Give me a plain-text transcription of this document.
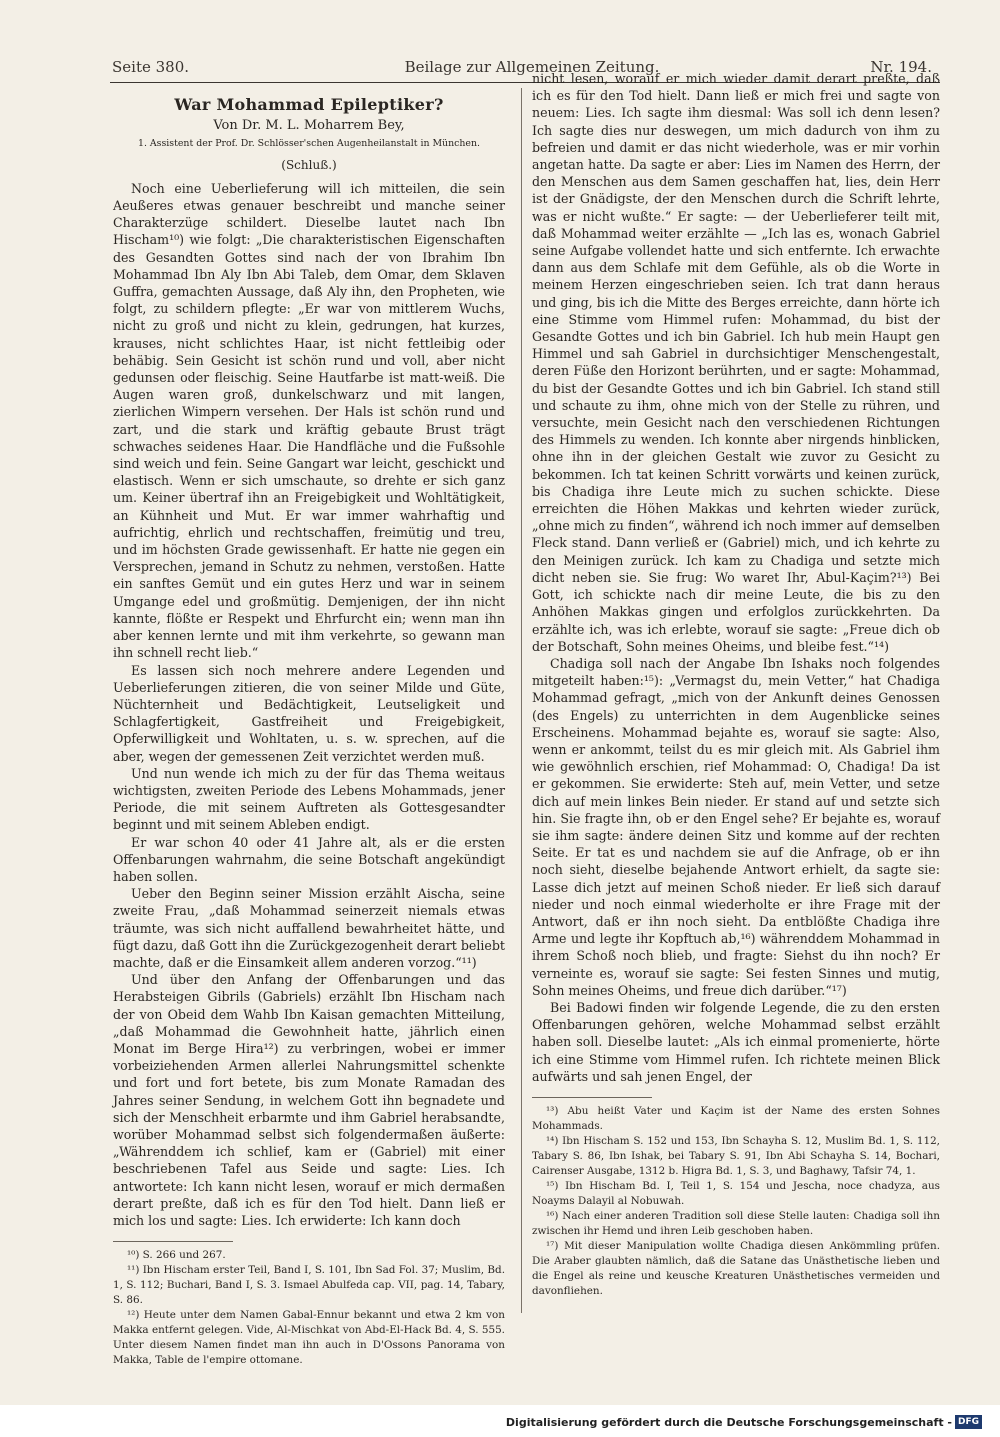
Seite 380.	Beilage zur Allgemeinen Zeitung.	Nr. 194.

War Mohammad Epileptiker?

Von Dr. M. L. Moharrem Bey,

1. Assistent der Prof. Dr. Schlösser'schen Augenheilanstalt in München.

(Schluß.)

Noch eine Ueberlieferung will ich mitteilen, die sein Aeußeres etwas genauer beschreibt und manche seiner Charakterzüge schildert. Dieselbe lautet nach Ibn Hischam¹⁰) wie folgt: „Die charakteristischen Eigenschaften des Gesandten Gottes sind nach der von Ibrahim Ibn Mohammad Ibn Aly Ibn Abi Taleb, dem Omar, dem Sklaven Guffra, gemachten Aussage, daß Aly ihn, den Propheten, wie folgt, zu schildern pflegte: „Er war von mittlerem Wuchs, nicht zu groß und nicht zu klein, gedrungen, hat kurzes, krauses, nicht schlichtes Haar, ist nicht fettleibig oder behäbig. Sein Gesicht ist schön rund und voll, aber nicht gedunsen oder fleischig. Seine Hautfarbe ist matt-weiß. Die Augen waren groß, dunkelschwarz und mit langen, zierlichen Wimpern versehen. Der Hals ist schön rund und zart, und die stark und kräftig gebaute Brust trägt schwaches seidenes Haar. Die Handfläche und die Fußsohle sind weich und fein. Seine Gangart war leicht, geschickt und elastisch. Wenn er sich umschaute, so drehte er sich ganz um. Keiner übertraf ihn an Freigebigkeit und Wohltätigkeit, an Kühnheit und Mut. Er war immer wahrhaftig und aufrichtig, ehrlich und rechtschaffen, freimütig und treu, und im höchsten Grade gewissenhaft. Er hatte nie gegen ein Versprechen, jemand in Schutz zu nehmen, verstoßen. Hatte ein sanftes Gemüt und ein gutes Herz und war in seinem Umgange edel und großmütig. Demjenigen, der ihn nicht kannte, flößte er Respekt und Ehrfurcht ein; wenn man ihn aber kennen lernte und mit ihm verkehrte, so gewann man ihn schnell recht lieb.“

Es lassen sich noch mehrere andere Legenden und Ueberlieferungen zitieren, die von seiner Milde und Güte, Nüchternheit und Bedächtigkeit, Leutseligkeit und Schlagfertigkeit, Gastfreiheit und Freigebigkeit, Opferwilligkeit und Wohltaten, u. s. w. sprechen, auf die aber, wegen der gemessenen Zeit verzichtet werden muß.

Und nun wende ich mich zu der für das Thema weitaus wichtigsten, zweiten Periode des Lebens Mohammads, jener Periode, die mit seinem Auftreten als Gottesgesandter beginnt und mit seinem Ableben endigt.

Er war schon 40 oder 41 Jahre alt, als er die ersten Offenbarungen wahrnahm, die seine Botschaft angekündigt haben sollen.

Ueber den Beginn seiner Mission erzählt Aischa, seine zweite Frau, „daß Mohammad seinerzeit niemals etwas träumte, was sich nicht auffallend bewahrheitet hätte, und fügt dazu, daß Gott ihn die Zurückgezogenheit derart beliebt machte, daß er die Einsamkeit allem anderen vorzog.“¹¹)

Und über den Anfang der Offenbarungen und das Herabsteigen Gibrils (Gabriels) erzählt Ibn Hischam nach der von Obeid dem Wahb Ibn Kaisan gemachten Mitteilung, „daß Mohammad die Gewohnheit hatte, jährlich einen Monat im Berge Hira¹²) zu verbringen, wobei er immer vorbeiziehenden Armen allerlei Nahrungsmittel schenkte und fort und fort betete, bis zum Monate Ramadan des Jahres seiner Sendung, in welchem Gott ihn begnadete und sich der Menschheit erbarmte und ihm Gabriel herabsandte, worüber Mohammad selbst sich folgendermaßen äußerte: „Währenddem ich schlief, kam er (Gabriel) mit einer beschriebenen Tafel aus Seide und sagte: Lies. Ich antwortete: Ich kann nicht lesen, worauf er mich dermaßen derart preßte, daß ich es für den Tod hielt. Dann ließ er mich los und sagte: Lies. Ich erwiderte: Ich kann doch

¹⁰) S. 266 und 267.

¹¹) Ibn Hischam erster Teil, Band I, S. 101, Ibn Sad Fol. 37; Muslim, Bd. 1, S. 112; Buchari, Band I, S. 3. Ismael Abulfeda cap. VII, pag. 14, Tabary, S. 86.

¹²) Heute unter dem Namen Gabal-Ennur bekannt und etwa 2 km von Makka entfernt gelegen. Vide, Al-Mischkat von Abd-El-Hack Bd. 4, S. 555. Unter diesem Namen findet man ihn auch in D'Ossons Panorama von Makka, Table de l'empire ottomane.

nicht lesen, worauf er mich wieder damit derart preßte, daß ich es für den Tod hielt. Dann ließ er mich frei und sagte von neuem: Lies. Ich sagte ihm diesmal: Was soll ich denn lesen? Ich sagte dies nur deswegen, um mich dadurch von ihm zu befreien und damit er das nicht wiederhole, was er mir vorhin angetan hatte. Da sagte er aber: Lies im Namen des Herrn, der den Menschen aus dem Samen geschaffen hat, lies, dein Herr ist der Gnädigste, der den Menschen durch die Schrift lehrte, was er nicht wußte.“ Er sagte: — der Ueberlieferer teilt mit, daß Mohammad weiter erzählte — „Ich las es, wonach Gabriel seine Aufgabe vollendet hatte und sich entfernte. Ich erwachte dann aus dem Schlafe mit dem Gefühle, als ob die Worte in meinem Herzen eingeschrieben seien. Ich trat dann heraus und ging, bis ich die Mitte des Berges erreichte, dann hörte ich eine Stimme vom Himmel rufen: Mohammad, du bist der Gesandte Gottes und ich bin Gabriel. Ich hub mein Haupt gen Himmel und sah Gabriel in durchsichtiger Menschengestalt, deren Füße den Horizont berührten, und er sagte: Mohammad, du bist der Gesandte Gottes und ich bin Gabriel. Ich stand still und schaute zu ihm, ohne mich von der Stelle zu rühren, und versuchte, mein Gesicht nach den verschiedenen Richtungen des Himmels zu wenden. Ich konnte aber nirgends hinblicken, ohne ihn in der gleichen Gestalt wie zuvor zu Gesicht zu bekommen. Ich tat keinen Schritt vorwärts und keinen zurück, bis Chadiga ihre Leute mich zu suchen schickte. Diese erreichten die Höhen Makkas und kehrten wieder zurück, „ohne mich zu finden“, während ich noch immer auf demselben Fleck stand. Dann verließ er (Gabriel) mich, und ich kehrte zu den Meinigen zurück. Ich kam zu Chadiga und setzte mich dicht neben sie. Sie frug: Wo waret Ihr, Abul-Kaçim?¹³) Bei Gott, ich schickte nach dir meine Leute, die bis zu den Anhöhen Makkas gingen und erfolglos zurückkehrten. Da erzählte ich, was ich erlebte, worauf sie sagte: „Freue dich ob der Botschaft, Sohn meines Oheims, und bleibe fest.“¹⁴)

Chadiga soll nach der Angabe Ibn Ishaks noch folgendes mitgeteilt haben:¹⁵): „Vermagst du, mein Vetter,“ hat Chadiga Mohammad gefragt, „mich von der Ankunft deines Genossen (des Engels) zu unterrichten in dem Augenblicke seines Erscheinens. Mohammad bejahte es, worauf sie sagte: Also, wenn er ankommt, teilst du es mir gleich mit. Als Gabriel ihm wie gewöhnlich erschien, rief Mohammad: O, Chadiga! Da ist er gekommen. Sie erwiderte: Steh auf, mein Vetter, und setze dich auf mein linkes Bein nieder. Er stand auf und setzte sich hin. Sie fragte ihn, ob er den Engel sehe? Er bejahte es, worauf sie ihm sagte: ändere deinen Sitz und komme auf der rechten Seite. Er tat es und nachdem sie auf die Anfrage, ob er ihn noch sieht, dieselbe bejahende Antwort erhielt, da sagte sie: Lasse dich jetzt auf meinen Schoß nieder. Er ließ sich darauf nieder und noch einmal wiederholte er ihre Frage mit der Antwort, daß er ihn noch sieht. Da entblößte Chadiga ihre Arme und legte ihr Kopftuch ab,¹⁶) währenddem Mohammad in ihrem Schoß noch blieb, und fragte: Siehst du ihn noch? Er verneinte es, worauf sie sagte: Sei festen Sinnes und mutig, Sohn meines Oheims, und freue dich darüber.“¹⁷)

Bei Badowi finden wir folgende Legende, die zu den ersten Offenbarungen gehören, welche Mohammad selbst erzählt haben soll. Dieselbe lautet: „Als ich einmal promenierte, hörte ich eine Stimme vom Himmel rufen. Ich richtete meinen Blick aufwärts und sah jenen Engel, der

¹³) Abu heißt Vater und Kaçim ist der Name des ersten Sohnes Mohammads.

¹⁴) Ibn Hischam S. 152 und 153, Ibn Schayha S. 12, Muslim Bd. 1, S. 112, Tabary S. 86, Ibn Ishak, bei Tabary S. 91, Ibn Abi Schayha S. 14, Bochari, Cairenser Ausgabe, 1312 b. Higra Bd. 1, S. 3, und Baghawy, Tafsir 74, 1.

¹⁵) Ibn Hischam Bd. I, Teil 1, S. 154 und Jescha, noce chadyza, aus Noayms Dalayil al Nobuwah.

¹⁶) Nach einer anderen Tradition soll diese Stelle lauten: Chadiga soll ihn zwischen ihr Hemd und ihren Leib geschoben haben.

¹⁷) Mit dieser Manipulation wollte Chadiga diesen Ankömmling prüfen. Die Araber glaubten nämlich, daß die Satane das Unästhetische lieben und die Engel als reine und keusche Kreaturen Unästhetisches vermeiden und davonfliehen.

Digitalisierung gefördert durch die Deutsche Forschungsgemeinschaft - DFG
